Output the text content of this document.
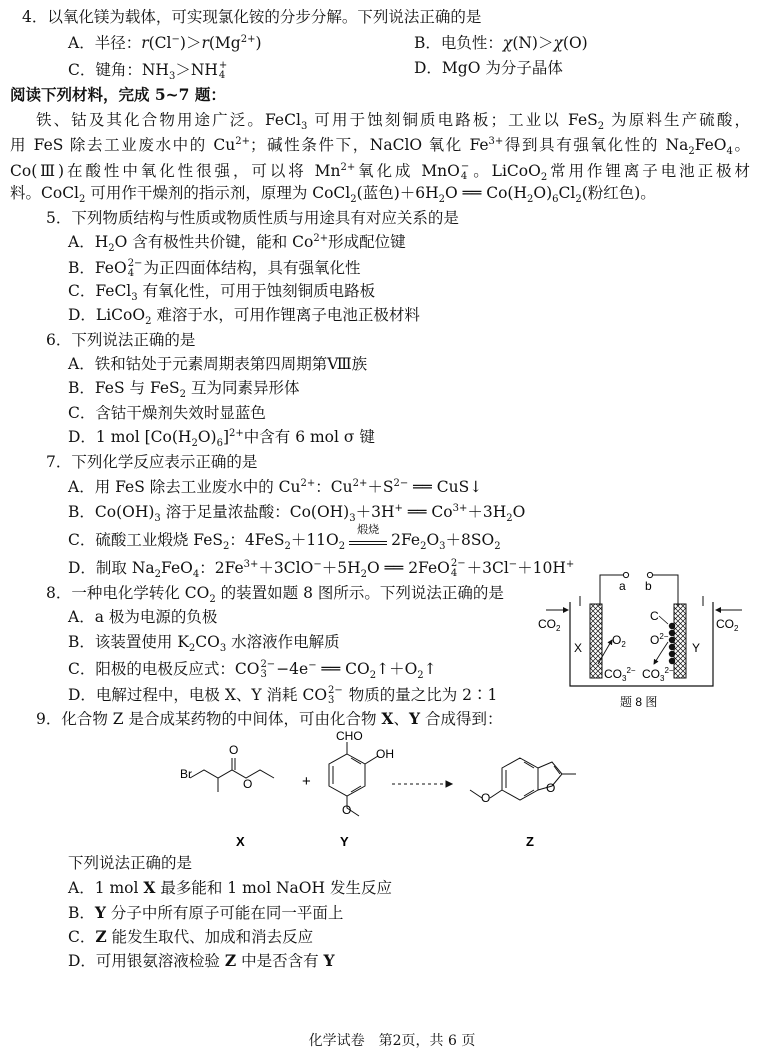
4．以氧化镁为载体，可实现氯化铵的分步分解。下列说法正确的是
A．半径：$r(Cl^-)>r(Mg^{2+})$	B．电负性：χ(N)＞χ(O)
C．键角：$NH_3>NH$ +
4	D．MgO 为分子晶体
阅读下列材料，完成 5~7 题：
铁、钴及其化合物用途广泛。FeCl$_3$ 可用于蚀刻铜质电路板；工业以 FeS$_2$ 为原料生产硫酸，
用 FeS 除去工业废水中的 $Cu^{2+}$；碱性条件下，NaClO 氧化 $Fe^{3+}$得到具有强氧化性的 $Na_2FeO_4$。
Co(Ⅲ)在酸性中氧化性很强，可以将 $Mn^{2+}$氧化成 MnO −
4 。LiCoO$_2$常用作锂离子电池正极材
料。CoCl$_2$ 可用作干燥剂的指示剂，原理为 CoCl$_2$(蓝色)$+6H_2O$ ══ $Co(H_2O)_6Cl_2$(粉红色)。
5．下列物质结构与性质或物质性质与用途具有对应关系的是
A．$H_2O$ 含有极性共价键，能和 $Co^{2+}$形成配位键
B．FeO 2−
4 为正四面体结构，具有强氧化性
C．FeCl$_3$ 有氧化性，可用于蚀刻铜质电路板
D．LiCoO$_2$ 难溶于水，可用作锂离子电池正极材料
6．下列说法正确的是
A．铁和钴处于元素周期表第四周期第Ⅷ族
B．FeS 与 FeS$_2$ 互为同素异形体
C．含钴干燥剂失效时显蓝色
D．1 mol $[Co(H_2O)_6]^{2+}$中含有 6 mol σ 键
7．下列化学反应表示正确的是
A．用 FeS 除去工业废水中的 $Cu^{2+}$：$Cu^{2+}+S^{2-}$ ══ CuS↓
B．$Co(OH)_3$ 溶于足量浓盐酸：$Co(OH)_3+3H^+$ ══ $Co^{3+}+3H_2O$
C．硫酸工业煅烧 FeS$_2$：$4FeS_2+11O_2$
煅烧
$2Fe_2O_3+8SO_2$
D．制取 $Na_2FeO_4$：$2Fe^{3+}+3ClO^-+5H_2O$ ══ 2FeO 2−
4 ＋3Cl−＋10H+
8．一种电化学转化 $CO_2$ 的装置如题 8 图所示。下列说法正确的是
A．a 极为电源的负极
B．该装置使用 $K_2CO_3$ 水溶液作电解质
C．阳极的电极反应式：CO 2−
3 −4e− ══ $CO_2↑+O_2↑$
D．电解过程中，电极 X、Y 消耗 CO 2−
3 物质的量之比为 2∶1
a b
$CO_2$	$CO_2$
X	Y
C
$O_2$ $O^{2-}$
$CO_3^{2-}$ $CO_3^{2-}$
题 8 图
9．化合物 Z 是合成某药物的中间体，可由化合物 X、Y 合成得到：
Br
O
O	+
CHO
OH
O
O
O
X	Y	Z
下列说法正确的是
A．1 mol X 最多能和 1 mol NaOH 发生反应
B．Y 分子中所有原子可能在同一平面上
C．Z 能发生取代、加成和消去反应
D．可用银氨溶液检验 Z 中是否含有 Y
化学试卷　第2页，共 6 页
